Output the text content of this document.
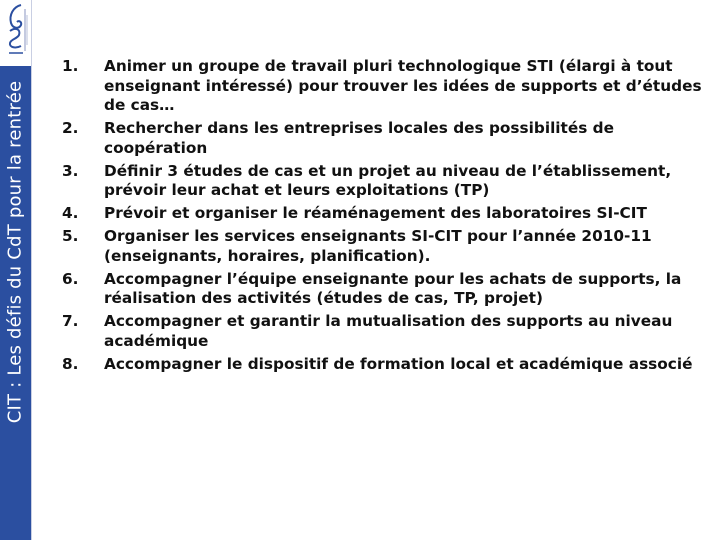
CIT : Les défis du CdT pour la rentrée
1.	Animer un groupe de travail pluri technologique STI (élargi à tout enseignant intéressé) pour trouver les idées de supports et d’études de cas…
2.	Rechercher dans les entreprises locales des possibilités de coopération
3.	Définir 3 études de cas et un projet au niveau de l’établissement, prévoir leur achat et leurs exploitations (TP)
4.	Prévoir et organiser le réaménagement des laboratoires SI-CIT
5.	Organiser les services enseignants SI-CIT pour l’année 2010-11 (enseignants, horaires, planification).
6.	Accompagner l’équipe enseignante pour les achats de supports, la réalisation des activités (études de cas, TP, projet)
7.	Accompagner et garantir la mutualisation des supports au niveau académique
8.	Accompagner le dispositif de formation local et académique associé
